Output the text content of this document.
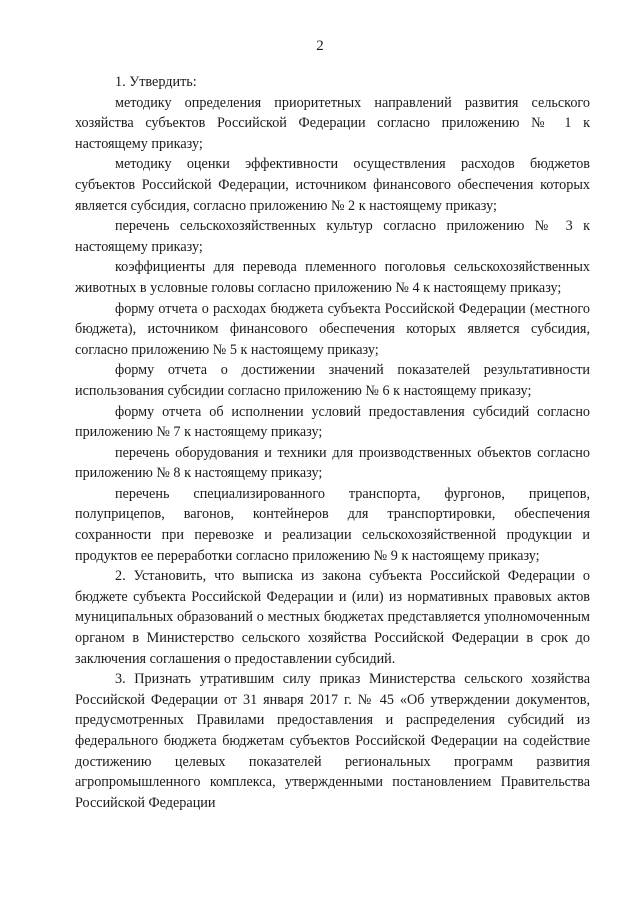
2

1. Утвердить:

методику определения приоритетных направлений развития сельского хозяйства субъектов Российской Федерации согласно приложению № 1 к настоящему приказу;

методику оценки эффективности осуществления расходов бюджетов субъектов Российской Федерации, источником финансового обеспечения которых является субсидия, согласно приложению № 2 к настоящему приказу;

перечень сельскохозяйственных культур согласно приложению № 3 к настоящему приказу;

коэффициенты для перевода племенного поголовья сельскохозяйственных животных в условные головы согласно приложению № 4 к настоящему приказу;

форму отчета о расходах бюджета субъекта Российской Федерации (местного бюджета), источником финансового обеспечения которых является субсидия, согласно приложению № 5 к настоящему приказу;

форму отчета о достижении значений показателей результативности использования субсидии согласно приложению № 6 к настоящему приказу;

форму отчета об исполнении условий предоставления субсидий согласно приложению № 7 к настоящему приказу;

перечень оборудования и техники для производственных объектов согласно приложению № 8 к настоящему приказу;

перечень специализированного транспорта, фургонов, прицепов, полуприцепов, вагонов, контейнеров для транспортировки, обеспечения сохранности при перевозке и реализации сельскохозяйственной продукции и продуктов ее переработки согласно приложению № 9 к настоящему приказу;

2. Установить, что выписка из закона субъекта Российской Федерации о бюджете субъекта Российской Федерации и (или) из нормативных правовых актов муниципальных образований о местных бюджетах представляется уполномоченным органом в Министерство сельского хозяйства Российской Федерации в срок до заключения соглашения о предоставлении субсидий.

3. Признать утратившим силу приказ Министерства сельского хозяйства Российской Федерации от 31 января 2017 г. № 45 «Об утверждении документов, предусмотренных Правилами предоставления и распределения субсидий из федерального бюджета бюджетам субъектов Российской Федерации на содействие достижению целевых показателей региональных программ развития агропромышленного комплекса, утвержденными постановлением Правительства Российской Федерации
